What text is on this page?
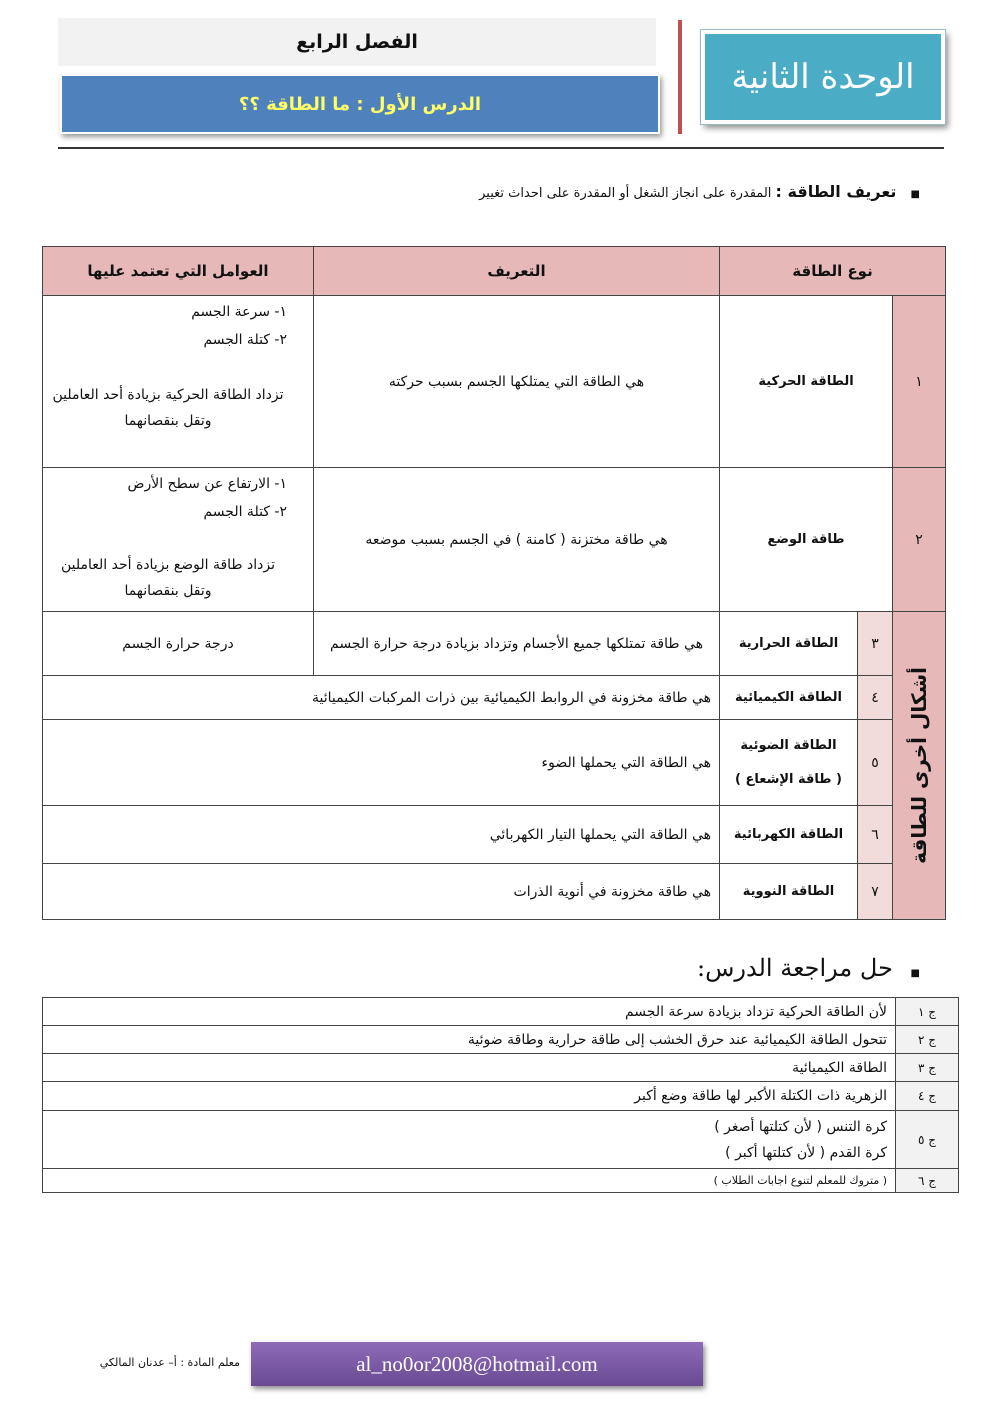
الوحدة الثانية
الفصل الرابع
الدرس الأول : ما الطاقة ؟؟
■ تعريف الطاقة : المقدرة على انجاز الشغل أو المقدرة على احداث تغيير
نوع الطاقة			التعريف	العوامل التي تعتمد عليها
١	الطاقة الحركية		هي الطاقة التي يمتلكها الجسم بسبب حركته	١- سرعة الجسم
٢- كتلة الجسم
تزداد الطاقة الحركية بزيادة أحد العاملين وتقل بنقصانهما

٢	طاقة الوضع		هي طاقة مختزنة ( كامنة ) في الجسم بسبب موضعه	١- الارتفاع عن سطح الأرض
٢- كتلة الجسم
تزداد طاقة الوضع بزيادة أحد العاملين وتقل بنقصانهما

أشكال أخرى للطاقة	٣	الطاقة الحرارية	هي طاقة تمتلكها جميع الأجسام وتزداد بزيادة درجة حرارة الجسم	درجة حرارة الجسم
	٤	الطاقة الكيميائية	هي طاقة مخزونة في الروابط الكيميائية بين ذرات المركبات الكيميائية	
	٥	الطاقة الضوئية
( طاقة الإشعاع )	هي الطاقة التي يحملها الضوء	
	٦	الطاقة الكهربائية	هي الطاقة التي يحملها التيار الكهربائي	
	٧	الطاقة النووية	هي طاقة مخزونة في أنوية الذرات	
■ حل مراجعة الدرس:
ج ١	لأن الطاقة الحركية تزداد بزيادة سرعة الجسم
ج ٢	تتحول الطاقة الكيميائية عند حرق الخشب إلى طاقة حرارية وطاقة ضوئية
ج ٣	الطاقة الكيميائية
ج ٤	الزهرية ذات الكتلة الأكبر لها طاقة وضع أكبر
ج ٥	كرة التنس ( لأن كتلتها أصغر )
كرة القدم ( لأن كتلتها أكبر )

ج ٦	( متروك للمعلم لتنوع اجابات الطلاب )
معلم المادة : أ– عدنان المالكي	al_no0or2008@hotmail.com
